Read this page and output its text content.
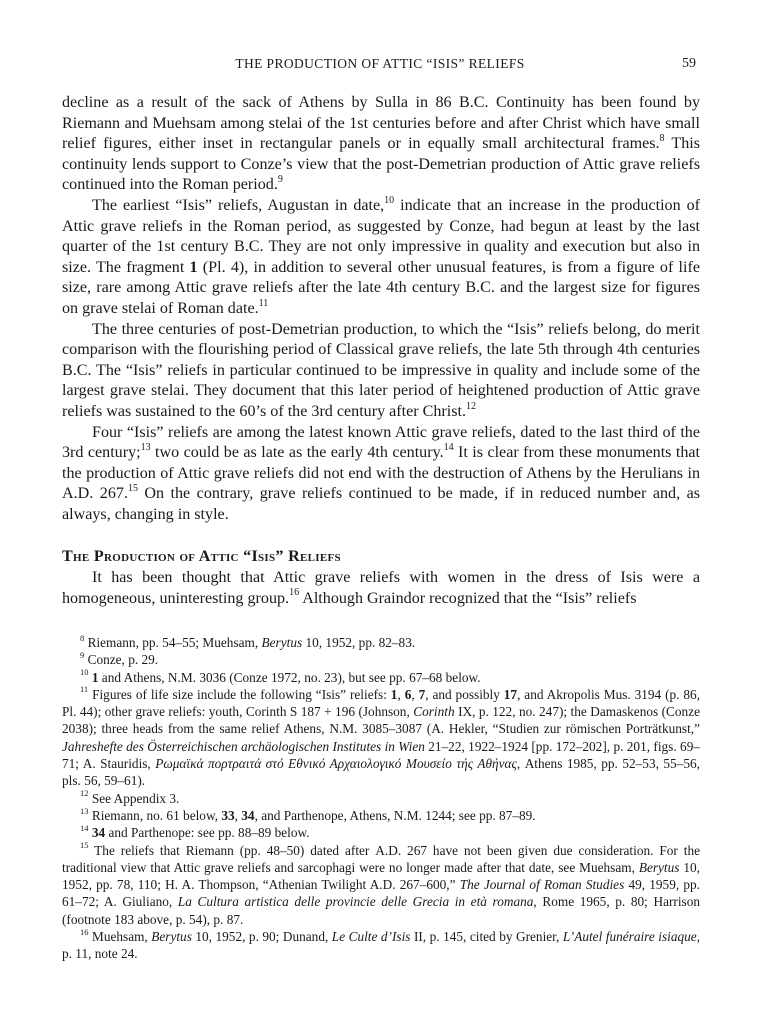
THE PRODUCTION OF ATTIC “ISIS” RELIEFS	59

decline as a result of the sack of Athens by Sulla in 86 B.C. Continuity has been found by Riemann and Muehsam among stelai of the 1st centuries before and after Christ which have small relief figures, either inset in rectangular panels or in equally small architectural frames.$^8$ This continuity lends support to Conze’s view that the post-Demetrian production of Attic grave reliefs continued into the Roman period.$^9$

The earliest “Isis” reliefs, Augustan in date,$^{10}$ indicate that an increase in the production of Attic grave reliefs in the Roman period, as suggested by Conze, had begun at least by the last quarter of the 1st century B.C. They are not only impressive in quality and execution but also in size. The fragment 1 (Pl. 4), in addition to several other unusual features, is from a figure of life size, rare among Attic grave reliefs after the late 4th century B.C. and the largest size for figures on grave stelai of Roman date.$^{11}$

The three centuries of post-Demetrian production, to which the “Isis” reliefs belong, do merit comparison with the flourishing period of Classical grave reliefs, the late 5th through 4th centuries B.C. The “Isis” reliefs in particular continued to be impressive in quality and include some of the largest grave stelai. They document that this later period of heightened production of Attic grave reliefs was sustained to the 60’s of the 3rd century after Christ.$^{12}$

Four “Isis” reliefs are among the latest known Attic grave reliefs, dated to the last third of the 3rd century;$^{13}$ two could be as late as the early 4th century.$^{14}$ It is clear from these monuments that the production of Attic grave reliefs did not end with the destruction of Athens by the Herulians in A.D. 267.15 On the contrary, grave reliefs continued to be made, if in reduced number and, as always, changing in style.

The Production of Attic “Isis” Reliefs

It has been thought that Attic grave reliefs with women in the dress of Isis were a homogeneous, uninteresting group.$^{16}$ Although Graindor recognized that the “Isis” reliefs

$^8$ Riemann, pp. 54–55; Muehsam, Berytus 10, 1952, pp. 82–83.

$^9$ Conze, p. 29.

$^{10}$ 1 and Athens, N.M. 3036 (Conze 1972, no. 23), but see pp. 67–68 below.

$^{11}$ Figures of life size include the following “Isis” reliefs: 1, 6, 7, and possibly 17, and Akropolis Mus. 3194 (p. 86, Pl. 44); other grave reliefs: youth, Corinth S 187 + 196 (Johnson, Corinth IX, p. 122, no. 247); the Damaskenos (Conze 2038); three heads from the same relief Athens, N.M. 3085–3087 (A. Hekler, “Studien zur römischen Porträtkunst,” Jahreshefte des Österreichischen archäologischen Institutes in Wien 21–22, 1922–1924 [pp. 172–202], p. 201, figs. 69–71; A. Stauridis, Ρωμαϊκά πορτραιτά στό Εθνικό Αρχαιολογικό Μουσείο τής Αθήνας, Athens 1985, pp. 52–53, 55–56, pls. 56, 59–61).

$^{12}$ See Appendix 3.

$^{13}$ Riemann, no. 61 below, 33, 34, and Parthenope, Athens, N.M. 1244; see pp. 87–89.

$^{14}$ 34 and Parthenope: see pp. 88–89 below.

$^{15}$ The reliefs that Riemann (pp. 48–50) dated after A.D. 267 have not been given due consideration. For the traditional view that Attic grave reliefs and sarcophagi were no longer made after that date, see Muehsam, Berytus 10, 1952, pp. 78, 110; H. A. Thompson, “Athenian Twilight A.D. 267–600,” The Journal of Roman Studies 49, 1959, pp. 61–72; A. Giuliano, La Cultura artistica delle provincie delle Grecia in età romana, Rome 1965, p. 80; Harrison (footnote 183 above, p. 54), p. 87.

$^{16}$ Muehsam, Berytus 10, 1952, p. 90; Dunand, Le Culte d’Isis II, p. 145, cited by Grenier, L’Autel funéraire isiaque, p. 11, note 24.
